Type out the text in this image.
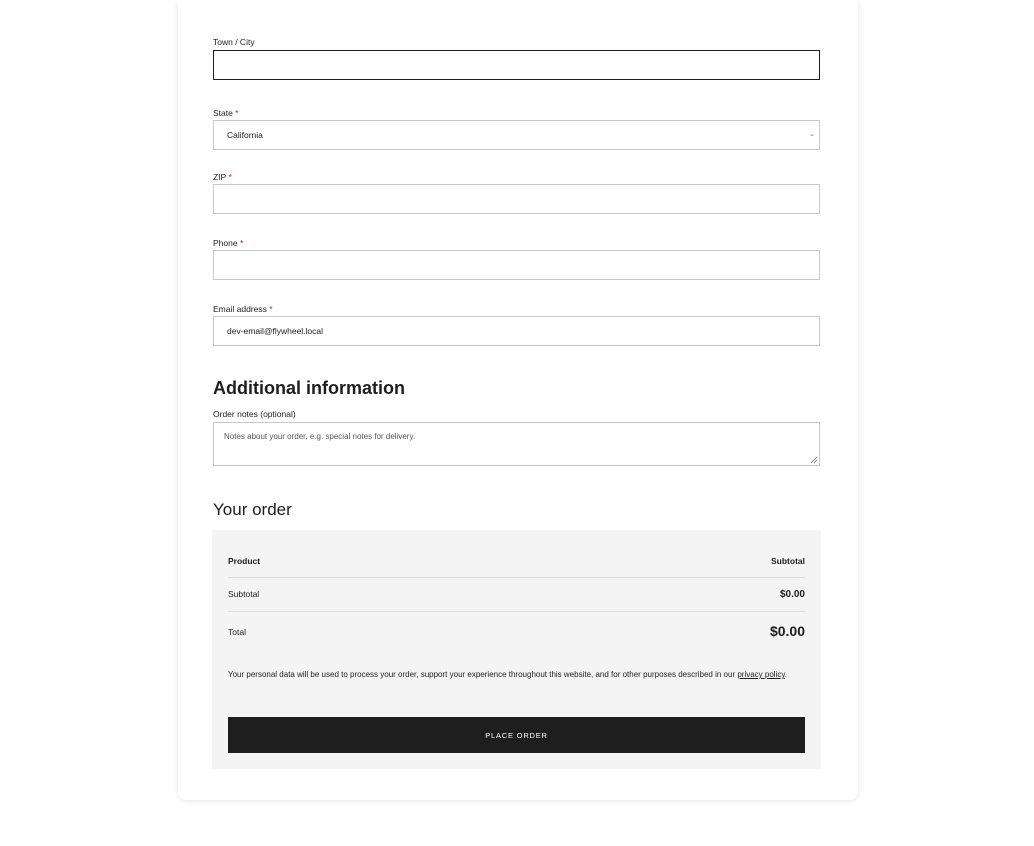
Town / City
State *
California	⌄
ZIP *
Phone *
Email address *
dev-email@flywheel.local
Additional information
Order notes (optional)
Notes about your order, e.g. special notes for delivery.
Your order
Product	Subtotal
Subtotal	$0.00
Total	$0.00
Your personal data will be used to process your order, support your experience throughout this website, and for other purposes described in our privacy policy.
PLACE ORDER
